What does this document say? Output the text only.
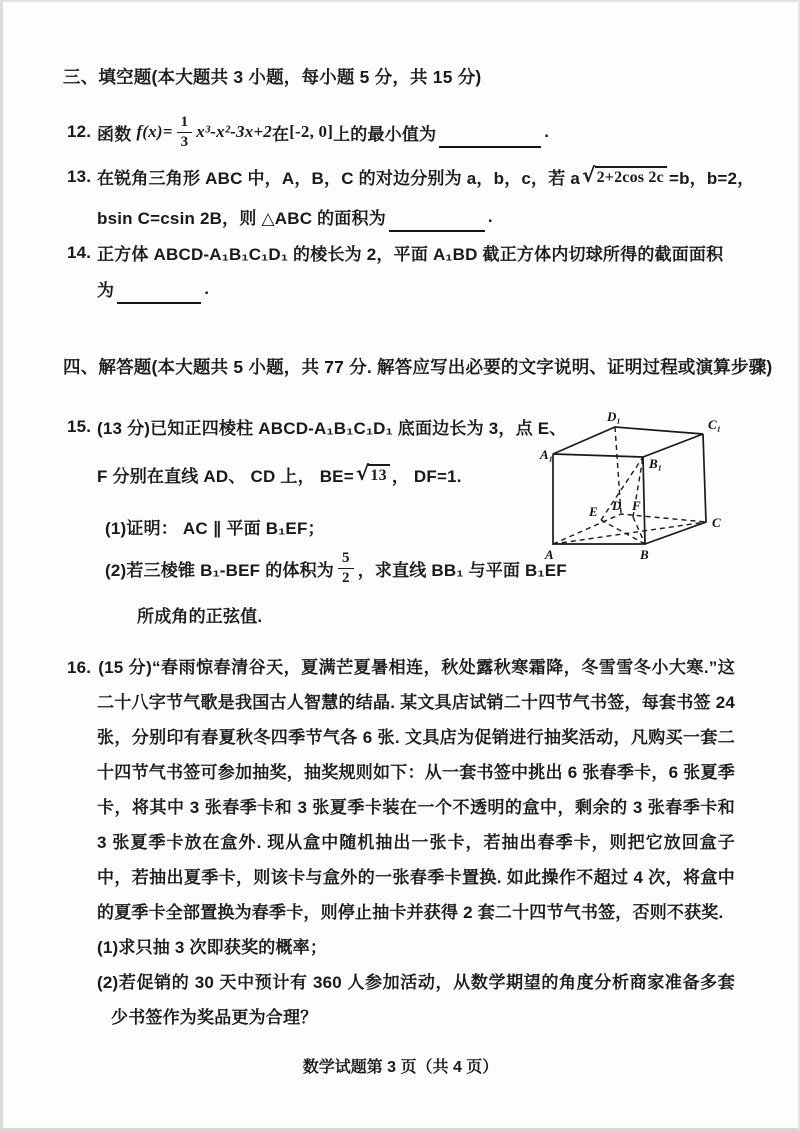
三、填空题(本大题共 3 小题，每小题 5 分，共 15 分)
12. 函数 $f(x)= \frac{1}{3} x^3-x^2-3x+2$ 在 [-2, 0] 上的最小值为	.
13. 在锐角三角形 ABC 中，A，B，C 的对边分别为 a，b，c，若 a √ 2+2cos 2c =b，b=2，
bsin C=csin 2B，则 △ABC 的面积为	.
14. 正方体 ABCD-A₁B₁C₁D₁ 的棱长为 2，平面 A₁BD 截正方体内切球所得的截面面积
为	.
四、解答题(本大题共 5 小题，共 77 分. 解答应写出必要的文字说明、证明过程或演算步骤)
15. (13 分)已知正四棱柱 ABCD-A₁B₁C₁D₁ 底面边长为 3，点 E、
F 分别在直线 AD、 CD 上， BE= √ 13 ， DF=1.
(1)证明： AC ∥ 平面 B₁EF；
(2)若三棱锥 B₁-BEF 的体积为 $\frac{5}{2}$ ，求直线 BB₁ 与平面 B₁EF
所成角的正弦值.
A₁
D₁
C₁
B₁
A	B
C
D
E	F

16. (15 分)“春雨惊春清谷天，夏满芒夏暑相连，秋处露秋寒霜降，冬雪雪冬小大寒.”这二十八字节气歌是我国古人智慧的结晶. 某文具店试销二十四节气书签，每套书签 24 张，分别印有春夏秋冬四季节气各 6 张. 文具店为促销进行抽奖活动，凡购买一套二十四节气书签可参加抽奖，抽奖规则如下：从一套书签中挑出 6 张春季卡，6 张夏季卡，将其中 3 张春季卡和 3 张夏季卡装在一个不透明的盒中，剩余的 3 张春季卡和 3 张夏季卡放在盒外. 现从盒中随机抽出一张卡，若抽出春季卡，则把它放回盒子中，若抽出夏季卡，则该卡与盒外的一张春季卡置换. 如此操作不超过 4 次，将盒中的夏季卡全部置换为春季卡，则停止抽卡并获得 2 套二十四节气书签，否则不获奖.

(1)求只抽 3 次即获奖的概率；

(2)若促销的 30 天中预计有 360 人参加活动，从数学期望的角度分析商家准备多套少书签作为奖品更为合理？

数学试题第 3 页（共 4 页）
